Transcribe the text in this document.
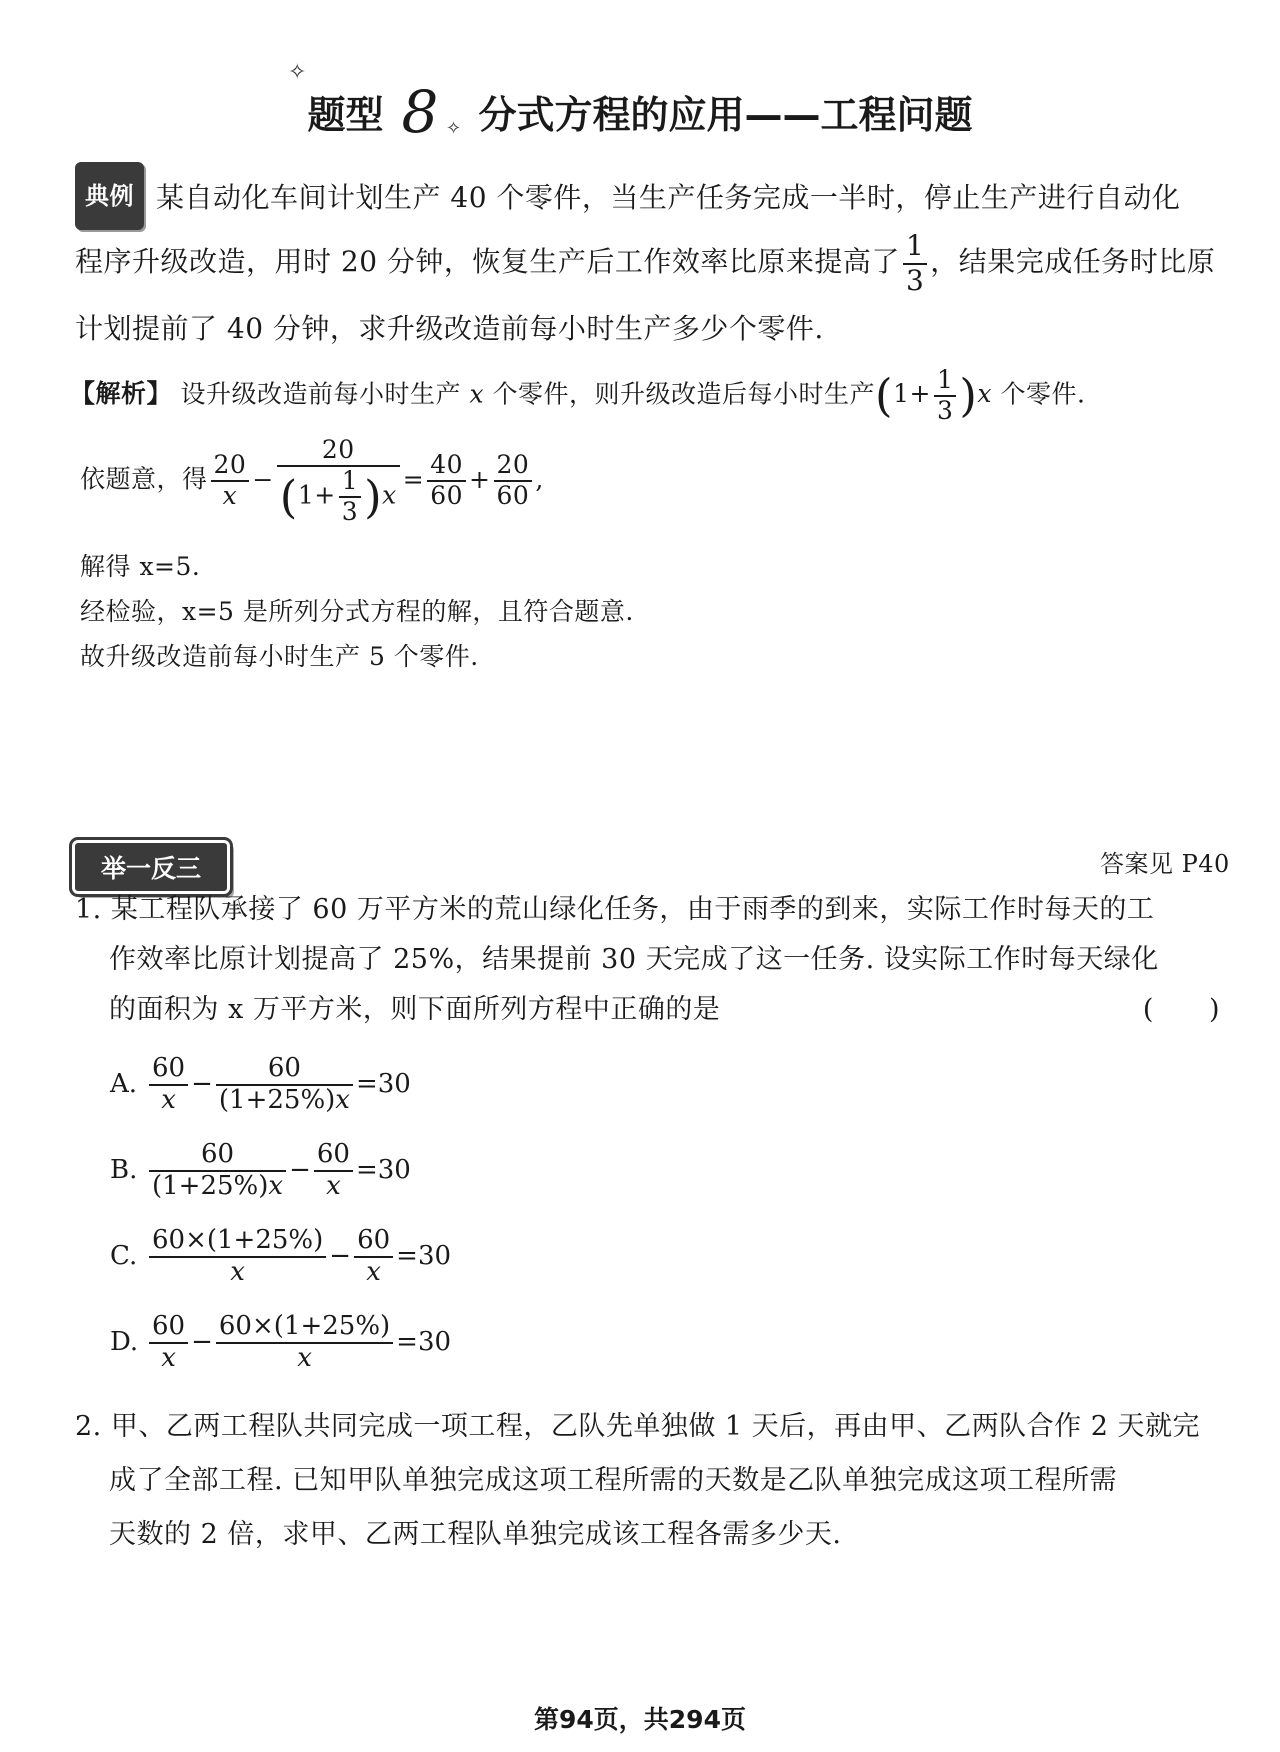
✧
✧
题型 8 分式方程的应用——工程问题
典例 某自动化车间计划生产 40 个零件，当生产任务完成一半时，停止生产进行自动化
程序升级改造，用时 20 分钟，恢复生产后工作效率比原来提高了 $\frac{1}{3}$ ，结果完成任务时比原
计划提前了 40 分钟，求升级改造前每小时生产多少个零件.
【解析】 设升级改造前每小时生产 x 个零件，则升级改造后每小时生产$(1+ \frac{1}{3} )x$ 个零件.
依题意，得 $\frac{20}{x} - \frac{20}{(1+ \frac{1}{3} )x} = \frac{40}{60} + \frac{20}{60}$ ,
解得 x=5.
经检验，x=5 是所列分式方程的解，且符合题意.
故升级改造前每小时生产 5 个零件.
举一反三	答案见 P40
1. 某工程队承接了 60 万平方米的荒山绿化任务，由于雨季的到来，实际工作时每天的工
作效率比原计划提高了 25%，结果提前 30 天完成了这一任务. 设实际工作时每天绿化
的面积为 x 万平方米，则下面所列方程中正确的是	(　　)
A. $\frac{60}{x} - \frac{60}{(1+25\%)x} =30$
B. $\frac{60}{(1+25\%)x} - \frac{60}{x} =30$
C. $\frac{60\times(1+25\%)}{x} - \frac{60}{x} =30$
D. $\frac{60}{x} - \frac{60\times(1+25\%)}{x} =30$
2. 甲、乙两工程队共同完成一项工程，乙队先单独做 1 天后，再由甲、乙两队合作 2 天就完
成了全部工程. 已知甲队单独完成这项工程所需的天数是乙队单独完成这项工程所需
天数的 2 倍，求甲、乙两工程队单独完成该工程各需多少天.
第94页，共294页
